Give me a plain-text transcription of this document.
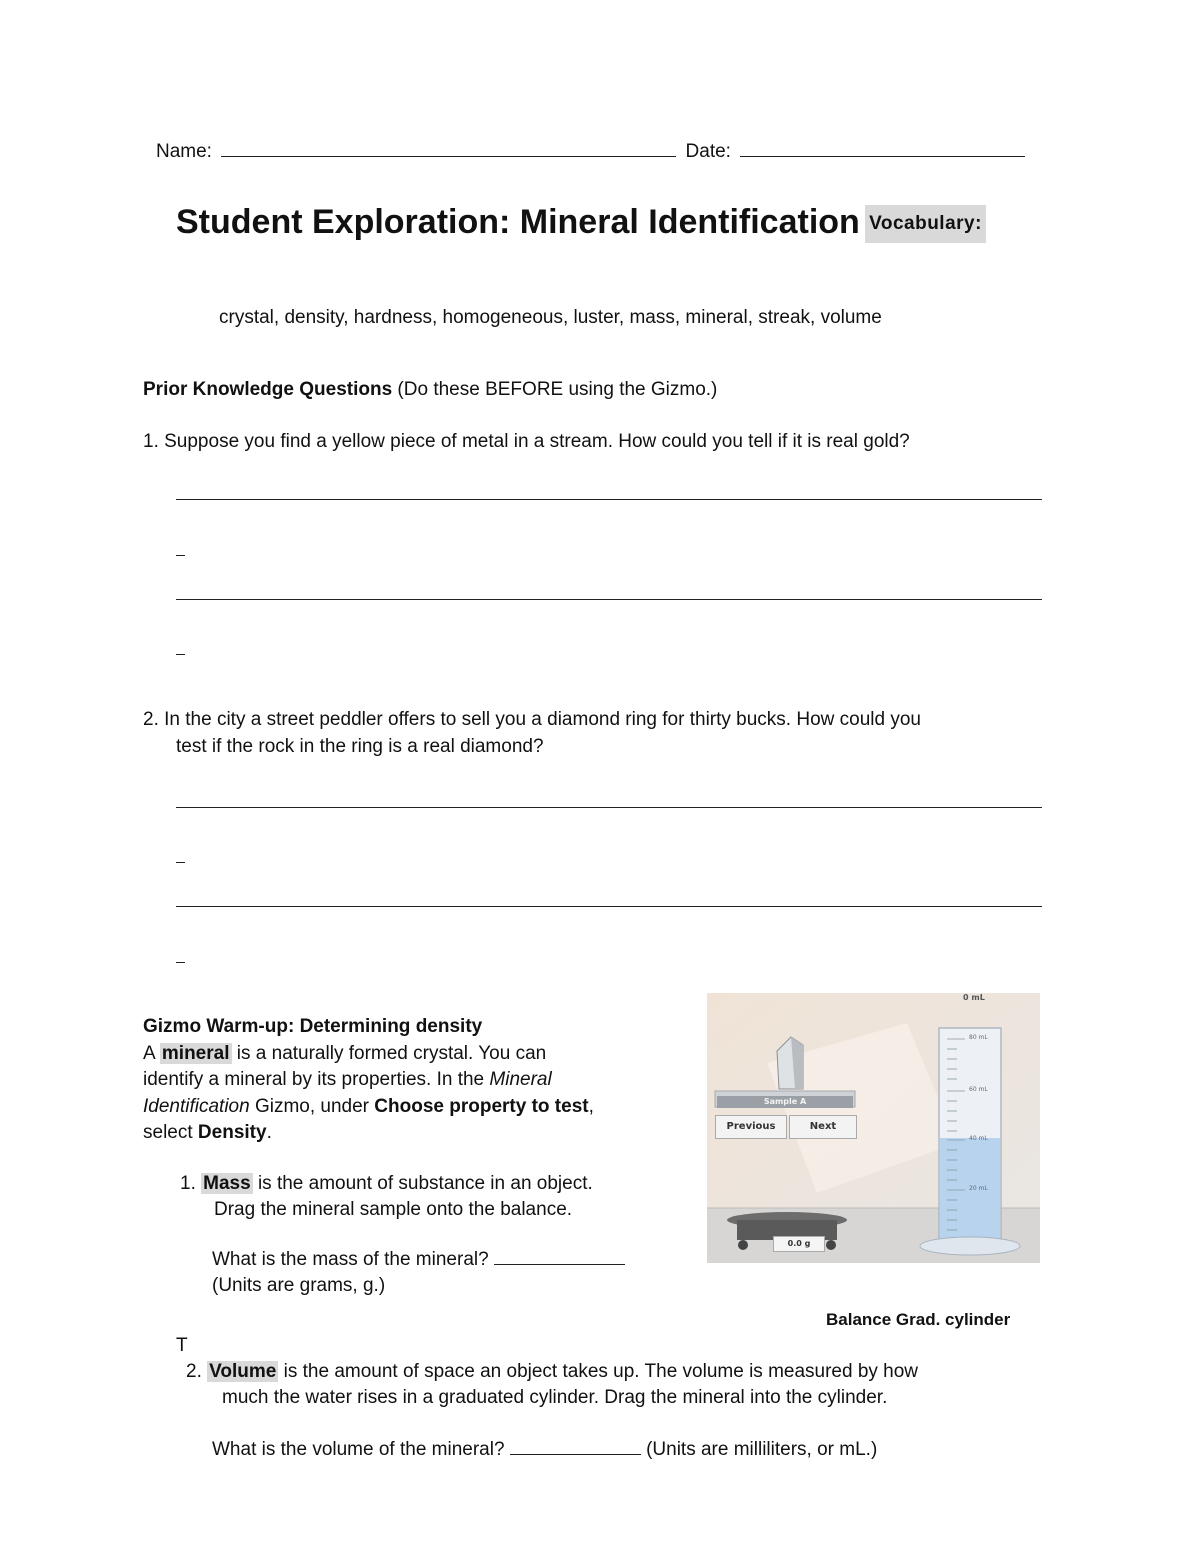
Name:	Date:
Student Exploration: Mineral Identification Vocabulary:
crystal, density, hardness, homogeneous, luster, mass, mineral, streak, volume
Prior Knowledge Questions (Do these BEFORE using the Gizmo.)
1. Suppose you find a yellow piece of metal in a stream. How could you tell if it is real gold?
2. In the city a street peddler offers to sell you a diamond ring for thirty bucks. How could you
test if the rock in the ring is a real diamond?
Gizmo Warm-up: Determining density
A mineral is a naturally formed crystal. You can
identify a mineral by its properties. In the Mineral
Identification Gizmo, under Choose property to test,
select Density.
1. Mass is the amount of substance in an object.
Drag the mineral sample onto the balance.
What is the mass of the mineral?
(Units are grams, g.)
Balance Grad. cylinder
T
2. Volume is the amount of space an object takes up. The volume is measured by how
much the water rises in a graduated cylinder. Drag the mineral into the cylinder.
What is the volume of the mineral?	(Units are milliliters, or mL.)
Sample A
Previous	Next
0.0 g
0 mL
80 mL
60 mL
40 mL
20 mL
